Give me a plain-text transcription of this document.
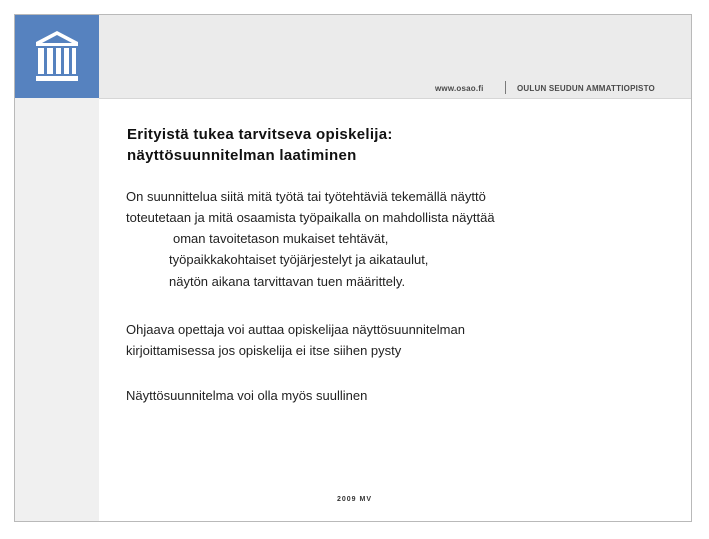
www.osao.fi	OULUN SEUDUN AMMATTIOPISTO
Erityistä tukea tarvitseva opiskelija:
näyttösuunnitelman laatiminen

On suunnittelua siitä mitä työtä tai työtehtäviä tekemällä näyttö
toteutetaan ja mitä osaamista työpaikalla on mahdollista näyttää

oman tavoitetason mukaiset tehtävät,

työpaikkakohtaiset työjärjestelyt ja aikataulut,

näytön aikana tarvittavan tuen määrittely.

Ohjaava opettaja voi auttaa opiskelijaa näyttösuunnitelman
kirjoittamisessa jos opiskelija ei itse siihen pysty

Näyttösuunnitelma voi olla myös suullinen

2009 MV
